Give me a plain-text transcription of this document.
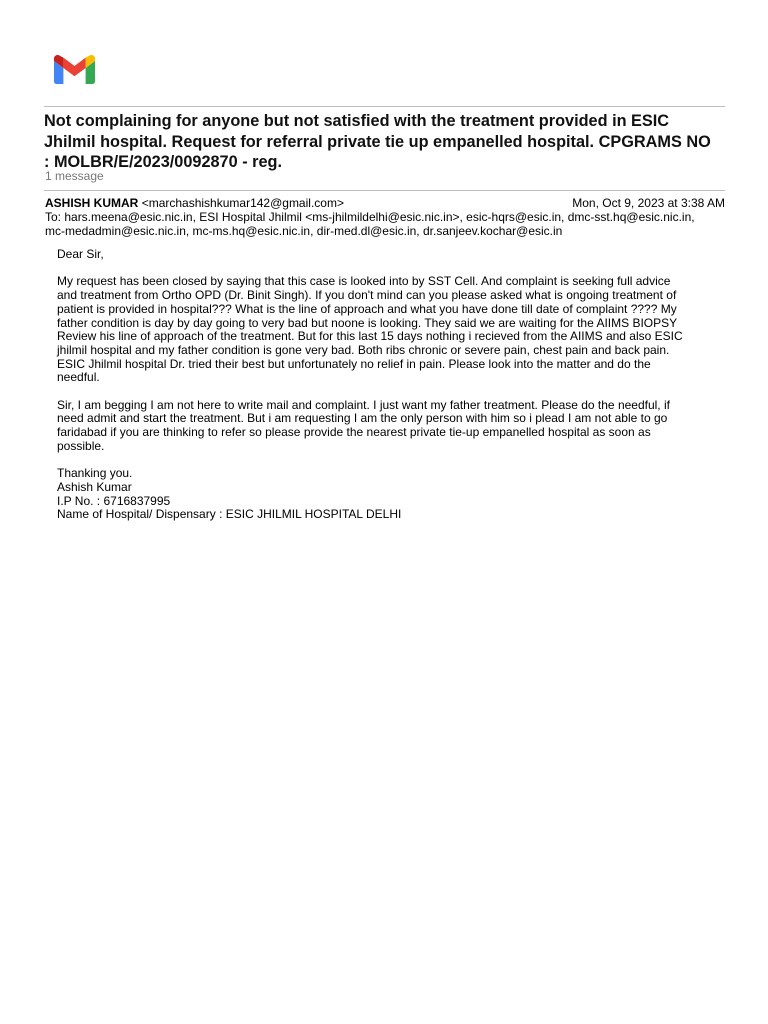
Not complaining for anyone but not satisfied with the treatment provided in ESIC
Jhilmil hospital. Request for referral private tie up empanelled hospital. CPGRAMS NO
: MOLBR/E/2023/0092870 - reg.
1 message
ASHISH KUMAR <marchashishkumar142@gmail.com>	Mon, Oct 9, 2023 at 3:38 AM
To: hars.meena@esic.nic.in, ESI Hospital Jhilmil <ms-jhilmildelhi@esic.nic.in>, esic-hqrs@esic.in, dmc-sst.hq@esic.nic.in,
mc-medadmin@esic.nic.in, mc-ms.hq@esic.nic.in, dir-med.dl@esic.in, dr.sanjeev.kochar@esic.in

Dear Sir,

My request has been closed by saying that this case is looked into by SST Cell. And complaint is seeking full advice
and treatment from Ortho OPD (Dr. Binit Singh). If you don't mind can you please asked what is ongoing treatment of
patient is provided in hospital??? What is the line of approach and what you have done till date of complaint ???? My
father condition is day by day going to very bad but noone is looking. They said we are waiting for the AIIMS BIOPSY
Review his line of approach of the treatment. But for this last 15 days nothing i recieved from the AIIMS and also ESIC
jhilmil hospital and my father condition is gone very bad. Both ribs chronic or severe pain, chest pain and back pain.
ESIC Jhilmil hospital Dr. tried their best but unfortunately no relief in pain. Please look into the matter and do the
needful.

Sir, I am begging I am not here to write mail and complaint. I just want my father treatment. Please do the needful, if
need admit and start the treatment. But i am requesting I am the only person with him so i plead I am not able to go
faridabad if you are thinking to refer so please provide the nearest private tie-up empanelled hospital as soon as
possible.

Thanking you.
Ashish Kumar
I.P No. : 6716837995
Name of Hospital/ Dispensary : ESIC JHILMIL HOSPITAL DELHI
